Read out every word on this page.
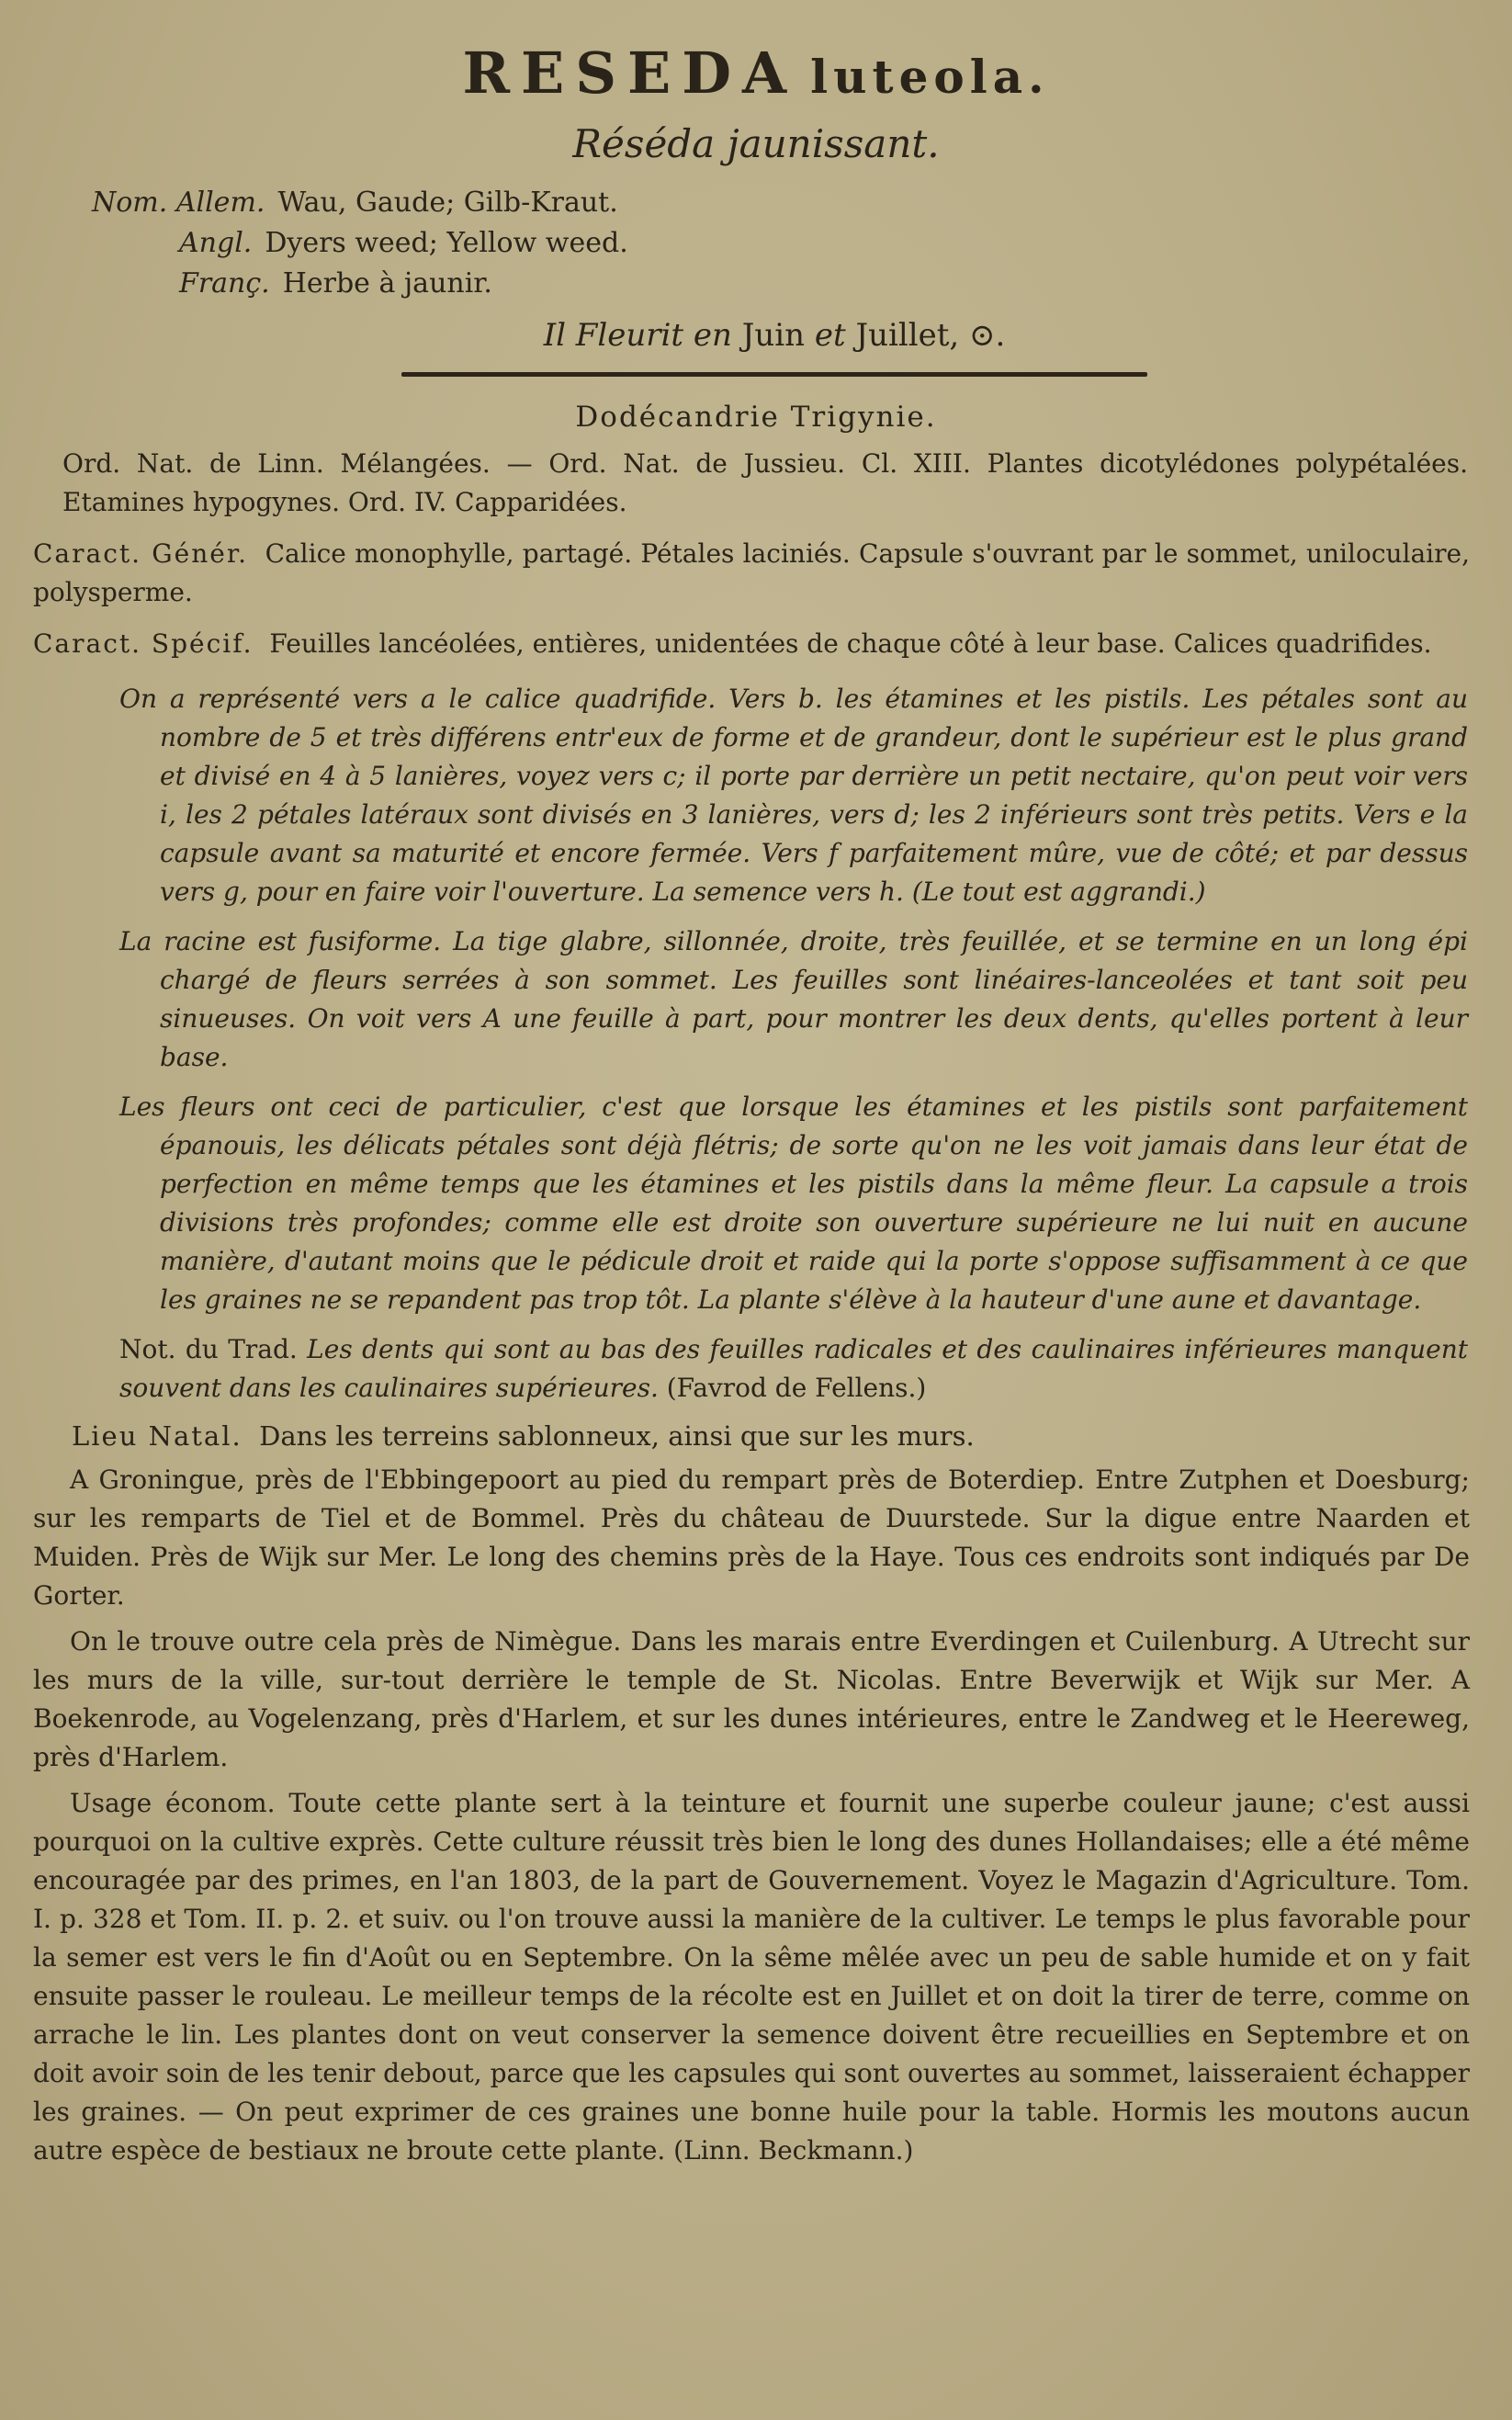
RESEDA luteola.
Réséda jaunissant.
Nom. Allem. Wau, Gaude; Gilb-Kraut.
Angl. Dyers weed; Yellow weed.
Franç. Herbe à jaunir.
Il Fleurit en Juin et Juillet, ⊙.
Dodécandrie Trigynie.

Ord. Nat. de Linn. Mélangées. — Ord. Nat. de Jussieu. Cl. XIII. Plantes dicotylédones polypétalées. Etamines hypogynes. Ord. IV. Capparidées.

Caract. Génér. Calice monophylle, partagé. Pétales laciniés. Capsule s'ouvrant par le sommet, uniloculaire, polysperme.

Caract. Spécif. Feuilles lancéolées, entières, unidentées de chaque côté à leur base. Calices quadrifides.

On a représenté vers a le calice quadrifide. Vers b. les étamines et les pistils. Les pétales sont au nombre de 5 et très différens entr'eux de forme et de grandeur, dont le supérieur est le plus grand et divisé en 4 à 5 lanières, voyez vers c; il porte par derrière un petit nectaire, qu'on peut voir vers i, les 2 pétales latéraux sont divisés en 3 lanières, vers d; les 2 inférieurs sont très petits. Vers e la capsule avant sa maturité et encore fermée. Vers f parfaitement mûre, vue de côté; et par dessus vers g, pour en faire voir l'ouverture. La semence vers h. (Le tout est aggrandi.)

La racine est fusiforme. La tige glabre, sillonnée, droite, très feuillée, et se termine en un long épi chargé de fleurs serrées à son sommet. Les feuilles sont linéaires-lanceolées et tant soit peu sinueuses. On voit vers A une feuille à part, pour montrer les deux dents, qu'elles portent à leur base.

Les fleurs ont ceci de particulier, c'est que lorsque les étamines et les pistils sont parfaitement épanouis, les délicats pétales sont déjà flétris; de sorte qu'on ne les voit jamais dans leur état de perfection en même temps que les étamines et les pistils dans la même fleur. La capsule a trois divisions très profondes; comme elle est droite son ouverture supérieure ne lui nuit en aucune manière, d'autant moins que le pédicule droit et raide qui la porte s'oppose suffisamment à ce que les graines ne se repandent pas trop tôt. La plante s'élève à la hauteur d'une aune et davantage.

Not. du Trad. Les dents qui sont au bas des feuilles radicales et des caulinaires inférieures manquent souvent dans les caulinaires supérieures. (Favrod de Fellens.)

Lieu Natal. Dans les terreins sablonneux, ainsi que sur les murs.

A Groningue, près de l'Ebbingepoort au pied du rempart près de Boterdiep. Entre Zutphen et Doesburg; sur les remparts de Tiel et de Bommel. Près du château de Duurstede. Sur la digue entre Naarden et Muiden. Près de Wijk sur Mer. Le long des chemins près de la Haye. Tous ces endroits sont indiqués par De Gorter.

On le trouve outre cela près de Nimègue. Dans les marais entre Everdingen et Cuilenburg. A Utrecht sur les murs de la ville, sur-tout derrière le temple de St. Nicolas. Entre Beverwijk et Wijk sur Mer. A Boekenrode, au Vogelenzang, près d'Harlem, et sur les dunes intérieures, entre le Zandweg et le Heereweg, près d'Harlem.

Usage économ. Toute cette plante sert à la teinture et fournit une superbe couleur jaune; c'est aussi pourquoi on la cultive exprès. Cette culture réussit très bien le long des dunes Hollandaises; elle a été même encouragée par des primes, en l'an 1803, de la part de Gouvernement. Voyez le Magazin d'Agriculture. Tom. I. p. 328 et Tom. II. p. 2. et suiv. ou l'on trouve aussi la manière de la cultiver. Le temps le plus favorable pour la semer est vers le fin d'Août ou en Septembre. On la sême mêlée avec un peu de sable humide et on y fait ensuite passer le rouleau. Le meilleur temps de la récolte est en Juillet et on doit la tirer de terre, comme on arrache le lin. Les plantes dont on veut conserver la semence doivent être recueillies en Septembre et on doit avoir soin de les tenir debout, parce que les capsules qui sont ouvertes au sommet, laisseraient échapper les graines. — On peut exprimer de ces graines une bonne huile pour la table. Hormis les moutons aucun autre espèce de bestiaux ne broute cette plante. (Linn. Beckmann.)
